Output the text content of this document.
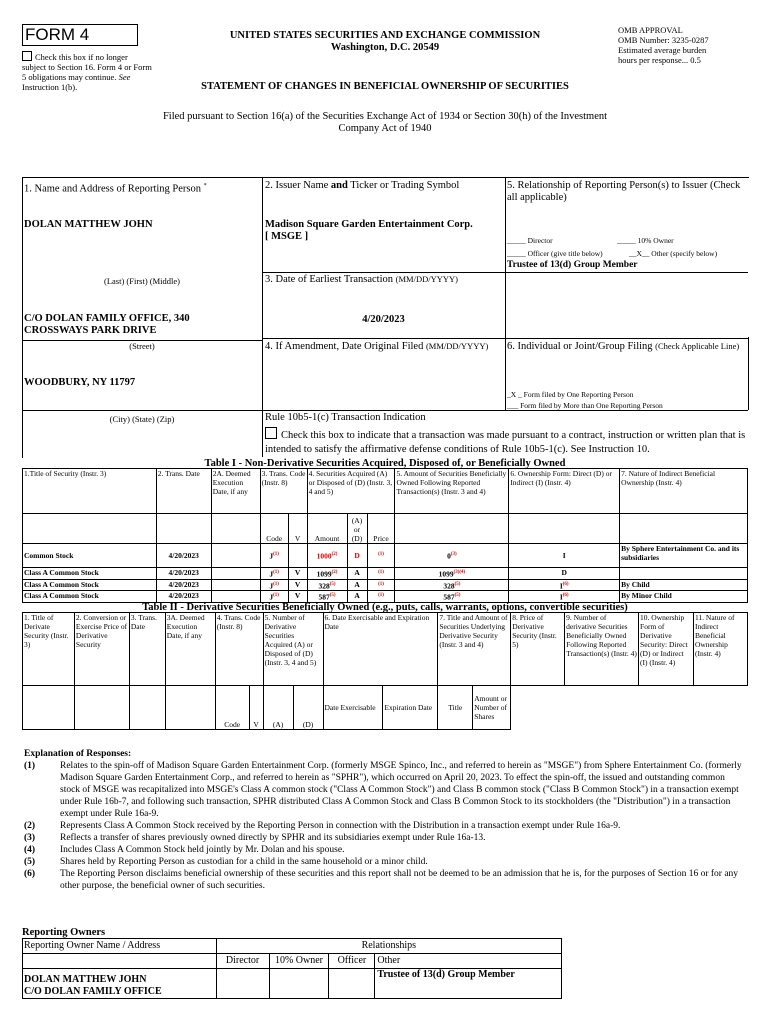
FORM 4
Check this box if no longer subject to Section 16. Form 4 or Form 5 obligations may continue. See Instruction 1(b).
UNITED STATES SECURITIES AND EXCHANGE COMMISSION
Washington, D.C. 20549
STATEMENT OF CHANGES IN BENEFICIAL OWNERSHIP OF SECURITIES
OMB APPROVAL
OMB Number: 3235-0287
Estimated average burden
hours per response... 0.5
Filed pursuant to Section 16(a) of the Securities Exchange Act of 1934 or Section 30(h) of the Investment Company Act of 1940
1. Name and Address of Reporting Person *
DOLAN MATTHEW JOHN
(Last) (First) (Middle)
C/O DOLAN FAMILY OFFICE, 340 CROSSWAYS PARK DRIVE
(Street)
WOODBURY, NY 11797
(City) (State) (Zip)
2. Issuer Name and Ticker or Trading Symbol
Madison Square Garden Entertainment Corp.
[ MSGE ]
3. Date of Earliest Transaction (MM/DD/YYYY)
4/20/2023
4. If Amendment, Date Original Filed (MM/DD/YYYY)
5. Relationship of Reporting Person(s) to Issuer (Check all applicable)
_____ Director	_____ 10% Owner
_____ Officer (give title below)	__X__ Other (specify below)
Trustee of 13(d) Group Member
6. Individual or Joint/Group Filing (Check Applicable Line)
_X _ Form filed by One Reporting Person
___ Form filed by More than One Reporting Person
Rule 10b5-1(c) Transaction Indication
Check this box to indicate that a transaction was made pursuant to a contract, instruction or written plan that is intended to satisfy the affirmative defense conditions of Rule 10b5-1(c). See Instruction 10.
Table I - Non-Derivative Securities Acquired, Disposed of, or Beneficially Owned
1.Title of Security (Instr. 3)	2. Trans. Date	2A. Deemed Execution Date, if any	3. Trans. Code (Instr. 8)		4. Securities Acquired (A) or Disposed of (D) (Instr. 3, 4 and 5)			5. Amount of Securities Beneficially Owned Following Reported Transaction(s) (Instr. 3 and 4)	6. Ownership Form: Direct (D) or Indirect (I) (Instr. 4)	7. Nature of Indirect Beneficial Ownership (Instr. 4)
			Code	V	Amount	(A) or (D)	Price			
Common Stock	4/20/2023		$J^{(1)}$		1000$^{(2)}$	D	$^{(1)}$	0$^{(3)}$	I	By Sphere Entertainment Co. and its subsidiaries
Class A Common Stock	4/20/2023		$J^{(1)}$	V	1099$^{(2)}$	A	$^{(1)}$	$1099^{(3)(4)}$	D	
Class A Common Stock	4/20/2023		$J^{(1)}$	V	328$^{(5)}$	A	$^{(1)}$	328$^{(5)}$	$I^{(6)}$	By Child
Class A Common Stock	4/20/2023		$J^{(1)}$	V	587$^{(5)}$	A	$^{(1)}$	587$^{(5)}$	$I^{(6)}$	By Minor Child
Table II - Derivative Securities Beneficially Owned (e.g., puts, calls, warrants, options, convertible securities)
1. Title of Derivate Security (Instr. 3)	2. Conversion or Exercise Price of Derivative Security	3. Trans. Date	3A. Deemed Execution Date, if any	4. Trans. Code (Instr. 8)		5. Number of Derivative Securities Acquired (A) or Disposed of (D) (Instr. 3, 4 and 5)		6. Date Exercisable and Expiration Date		7. Title and Amount of Securities Underlying Derivative Security (Instr. 3 and 4)		8. Price of Derivative Security (Instr. 5)	9. Number of derivative Securities Beneficially Owned Following Reported Transaction(s) (Instr. 4)	10. Ownership Form of Derivative Security: Direct (D) or Indirect (I) (Instr. 4)	11. Nature of Indirect Beneficial Ownership (Instr. 4)
				Code	V	(A)	(D)	Date Exercisable	Expiration Date	Title	Amount or Number of Shares				
Explanation of Responses:
(1)	Relates to the spin-off of Madison Square Garden Entertainment Corp. (formerly MSGE Spinco, Inc., and referred to herein as "MSGE") from Sphere Entertainment Co. (formerly Madison Square Garden Entertainment Corp., and referred to herein as "SPHR"), which occurred on April 20, 2023. To effect the spin-off, the issued and outstanding common stock of MSGE was recapitalized into MSGE's Class A common stock ("Class A Common Stock") and Class B common stock ("Class B Common Stock") in a transaction exempt under Rule 16b-7, and following such transaction, SPHR distributed Class A Common Stock and Class B Common Stock to its stockholders (the "Distribution") in a transaction exempt under Rule 16a-9.
(2)	Represents Class A Common Stock received by the Reporting Person in connection with the Distribution in a transaction exempt under Rule 16a-9.
(3)	Reflects a transfer of shares previously owned directly by SPHR and its subsidiaries exempt under Rule 16a-13.
(4)	Includes Class A Common Stock held jointly by Mr. Dolan and his spouse.
(5)	Shares held by Reporting Person as custodian for a child in the same household or a minor child.
(6)	The Reporting Person disclaims beneficial ownership of these securities and this report shall not be deemed to be an admission that he is, for the purposes of Section 16 or for any other purpose, the beneficial owner of such securities.
Reporting Owners
Reporting Owner Name / Address	Relationships			
	Director	10% Owner	Officer	Other

DOLAN MATTHEW JOHN
C/O DOLAN FAMILY OFFICE				Trustee of 13(d) Group Member
